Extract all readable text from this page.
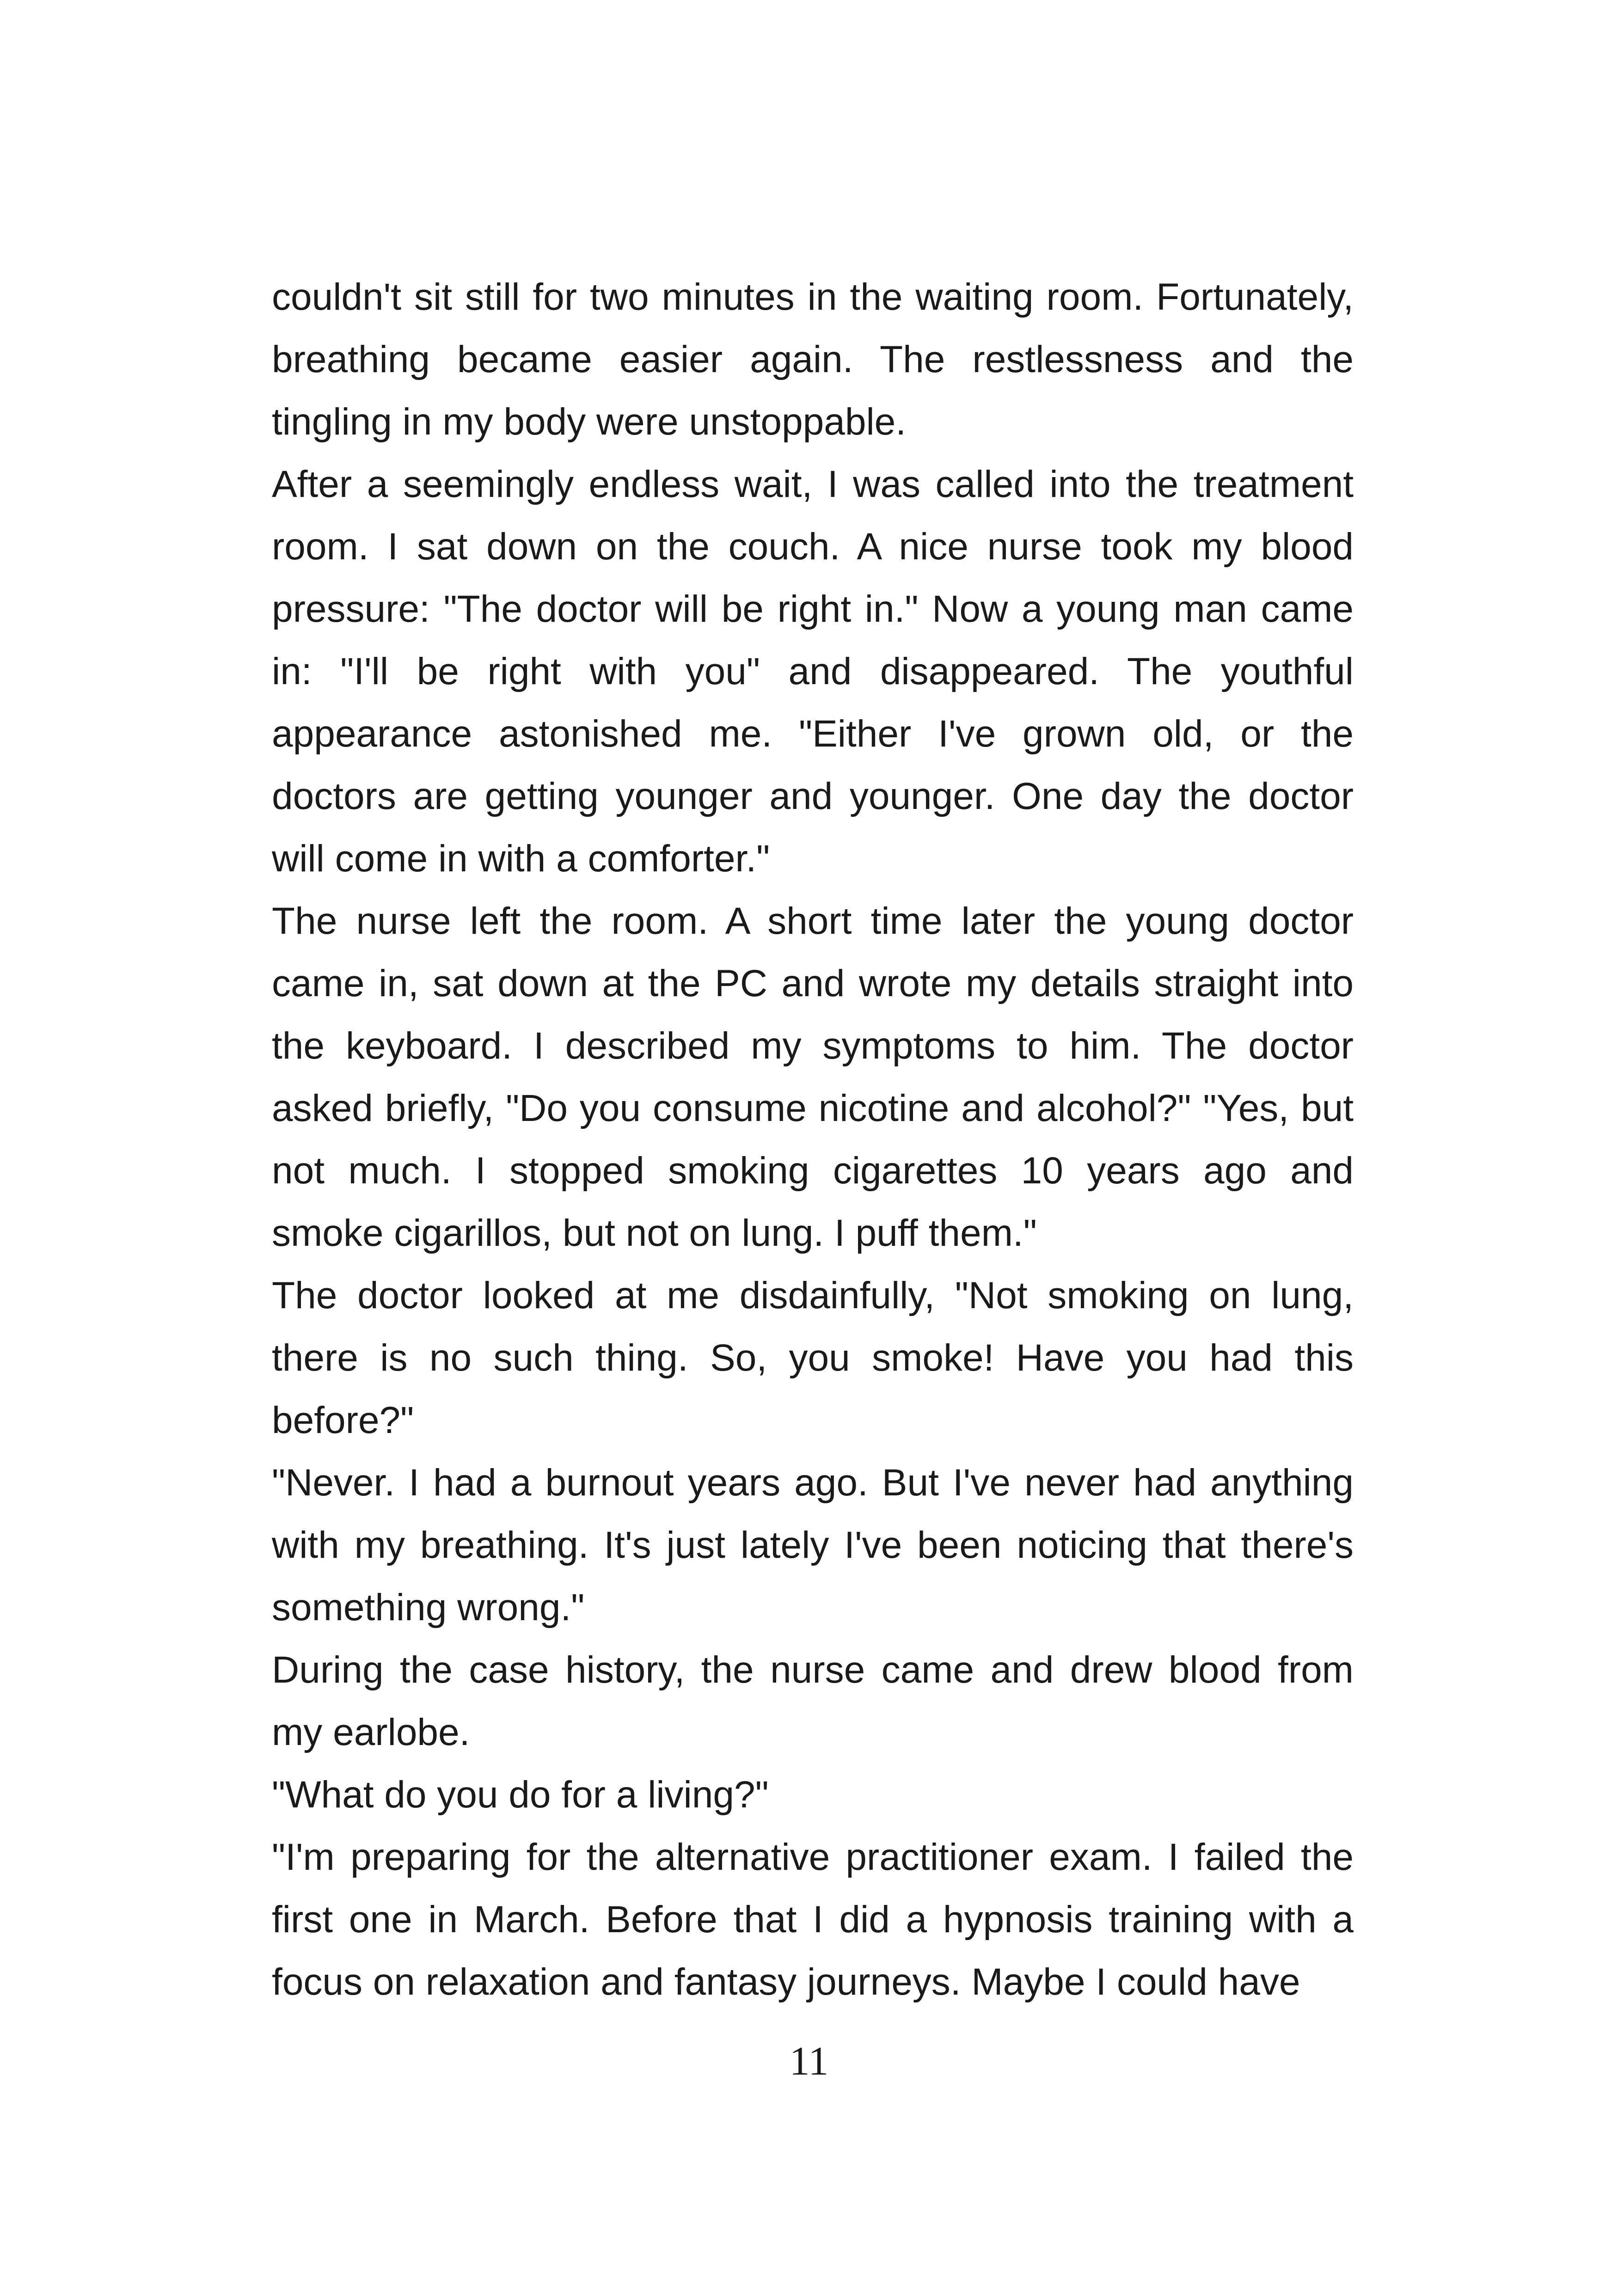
couldn't sit still for two minutes in the waiting room. Fortunately, breathing became easier again. The restlessness and the tingling in my body were unstoppable.

After a seemingly endless wait, I was called into the treatment room. I sat down on the couch. A nice nurse took my blood pressure: "The doctor will be right in." Now a young man came in: "I'll be right with you" and disappeared. The youthful appearance astonished me. "Either I've grown old, or the doctors are getting younger and younger. One day the doctor will come in with a comforter."

The nurse left the room. A short time later the young doctor came in, sat down at the PC and wrote my details straight into the keyboard. I described my symptoms to him. The doctor asked briefly, "Do you consume nicotine and alcohol?" "Yes, but not much. I stopped smoking cigarettes 10 years ago and smoke cigarillos, but not on lung. I puff them."

The doctor looked at me disdainfully, "Not smoking on lung, there is no such thing. So, you smoke! Have you had this before?"

"Never. I had a burnout years ago. But I've never had anything with my breathing. It's just lately I've been noticing that there's something wrong."

During the case history, the nurse came and drew blood from my earlobe.

"What do you do for a living?"

"I'm preparing for the alternative practitioner exam. I failed the first one in March. Before that I did a hypnosis training with a focus on relaxation and fantasy journeys. Maybe I could have

11
